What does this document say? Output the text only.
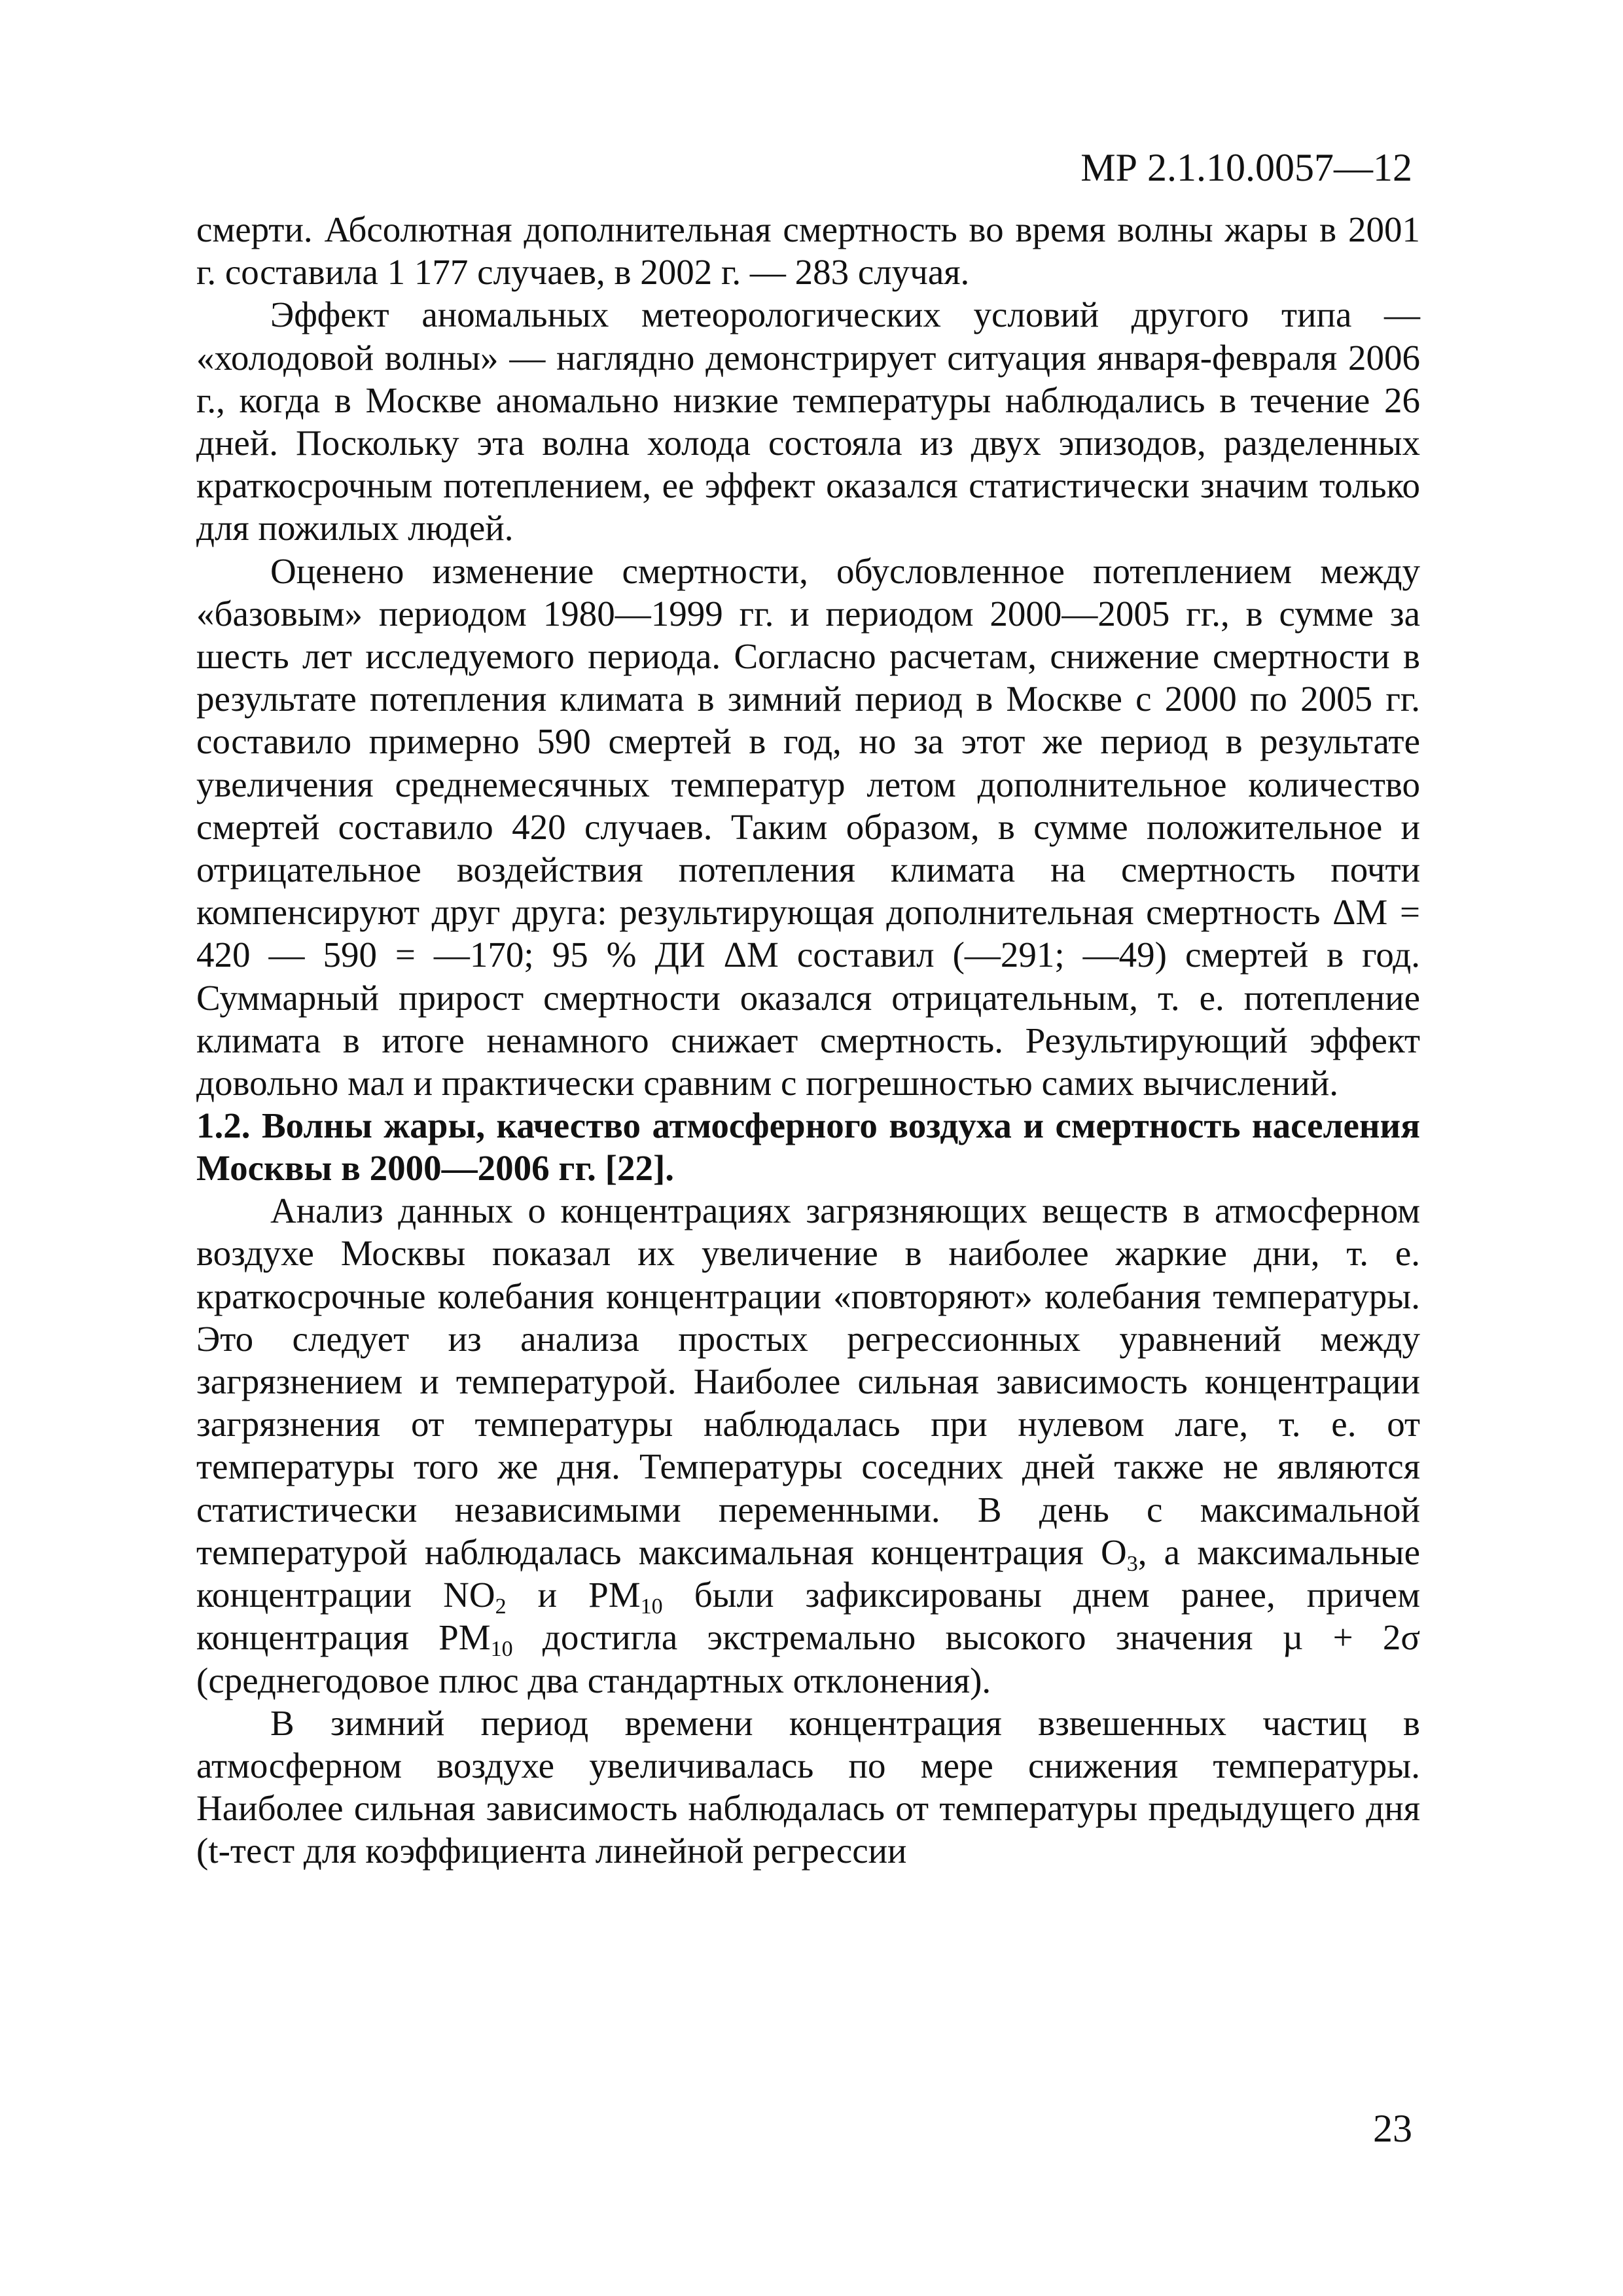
МР 2.1.10.0057—12

смерти. Абсолютная дополнительная смертность во время волны жары в 2001 г. составила 1 177 случаев, в 2002 г. — 283 случая.

Эффект аномальных метеорологических условий другого типа — «холодовой волны» — наглядно демонстрирует ситуация января-февраля 2006 г., когда в Москве аномально низкие температуры наблюдались в течение 26 дней. Поскольку эта волна холода состояла из двух эпизодов, разделенных краткосрочным потеплением, ее эффект оказался статистически значим только для пожилых людей.

Оценено изменение смертности, обусловленное потеплением между «базовым» периодом 1980—1999 гг. и периодом 2000—2005 гг., в сумме за шесть лет исследуемого периода. Согласно расчетам, снижение смертности в результате потепления климата в зимний период в Москве с 2000 по 2005 гг. составило примерно 590 смертей в год, но за этот же период в результате увеличения среднемесячных температур летом дополнительное количество смертей составило 420 случаев. Таким образом, в сумме положительное и отрицательное воздействия потепления климата на смертность почти компенсируют друг друга: результирующая дополнительная смертность ΔM = 420 — 590 = —170; 95 % ДИ ΔM составил (—291; —49) смертей в год. Суммарный прирост смертности оказался отрицательным, т. е. потепление климата в итоге ненамного снижает смертность. Результирующий эффект довольно мал и практически сравним с погрешностью самих вычислений.

1.2. Волны жары, качество атмосферного воздуха и смертность населения Москвы в 2000—2006 гг. [22].

Анализ данных о концентрациях загрязняющих веществ в атмосферном воздухе Москвы показал их увеличение в наиболее жаркие дни, т. е. краткосрочные колебания концентрации «повторяют» колебания температуры. Это следует из анализа простых регрессионных уравнений между загрязнением и температурой. Наиболее сильная зависимость концентрации загрязнения от температуры наблюдалась при нулевом лаге, т. е. от температуры того же дня. Температуры соседних дней также не являются статистически независимыми переменными. В день с максимальной температурой наблюдалась максимальная концентрация $O_3$, а максимальные концентрации $NO_2$ и $PM_{10}$ были зафиксированы днем ранее, причем концентрация $PM_{10}$ достигла экстремально высокого значения µ + 2σ (среднегодовое плюс два стандартных отклонения).

В зимний период времени концентрация взвешенных частиц в атмосферном воздухе увеличивалась по мере снижения температуры. Наиболее сильная зависимость наблюдалась от температуры предыдущего дня (t-тест для коэффициента линейной регрессии

23
